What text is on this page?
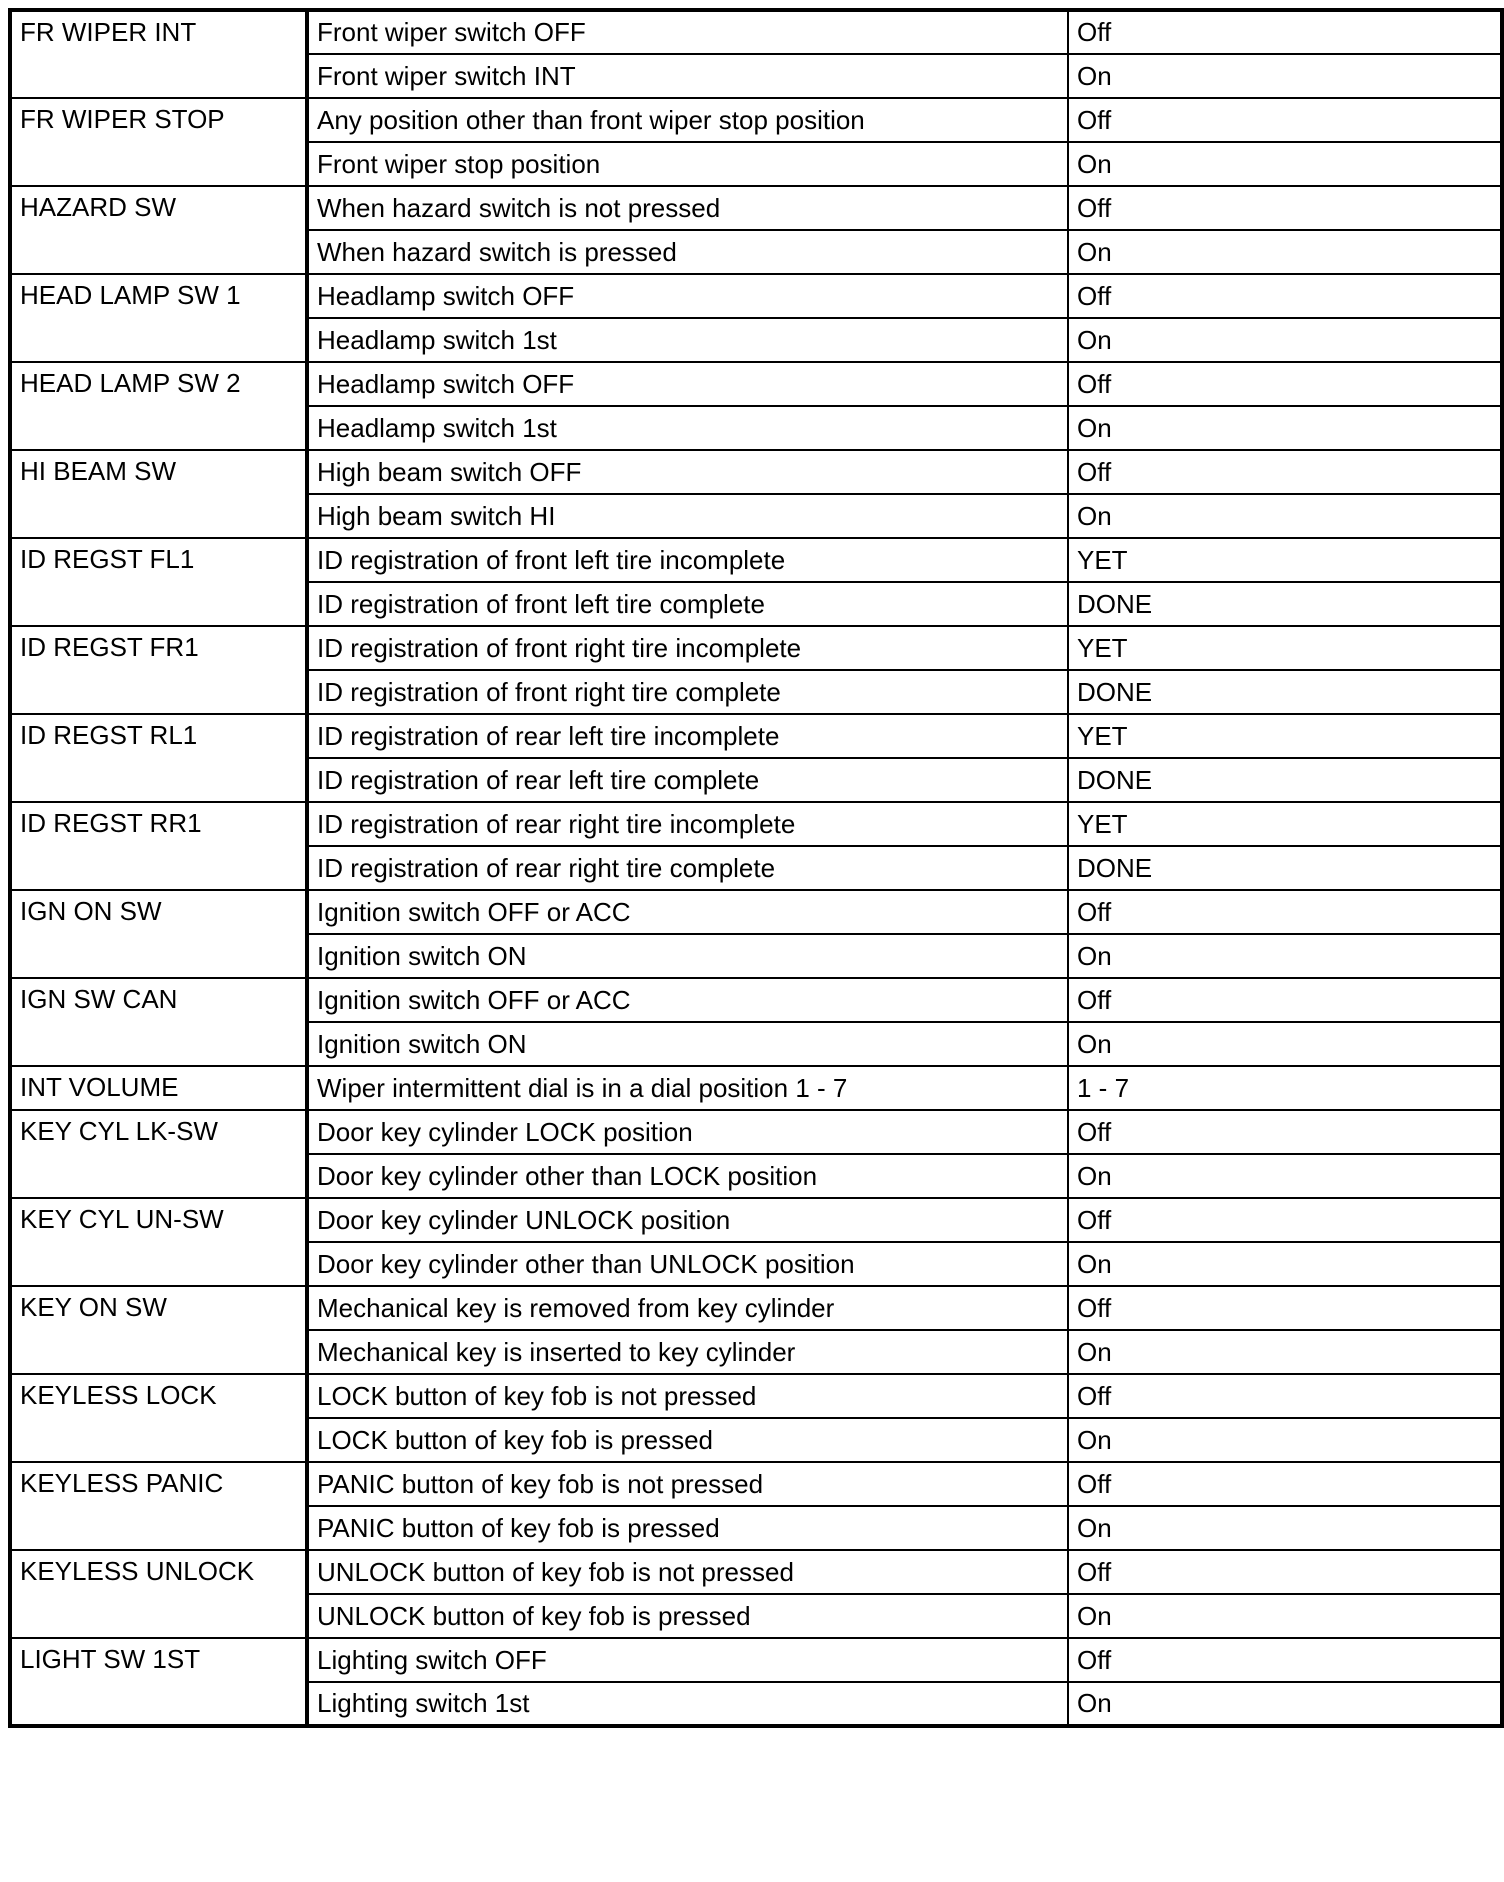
FR WIPER INT	Front wiper switch OFF	Off
	Front wiper switch INT	On
FR WIPER STOP	Any position other than front wiper stop position	Off
	Front wiper stop position	On
HAZARD SW	When hazard switch is not pressed	Off
	When hazard switch is pressed	On
HEAD LAMP SW 1	Headlamp switch OFF	Off
	Headlamp switch 1st	On
HEAD LAMP SW 2	Headlamp switch OFF	Off
	Headlamp switch 1st	On
HI BEAM SW	High beam switch OFF	Off
	High beam switch HI	On
ID REGST FL1	ID registration of front left tire incomplete	YET
	ID registration of front left tire complete	DONE
ID REGST FR1	ID registration of front right tire incomplete	YET
	ID registration of front right tire complete	DONE
ID REGST RL1	ID registration of rear left tire incomplete	YET
	ID registration of rear left tire complete	DONE
ID REGST RR1	ID registration of rear right tire incomplete	YET
	ID registration of rear right tire complete	DONE
IGN ON SW	Ignition switch OFF or ACC	Off
	Ignition switch ON	On
IGN SW CAN	Ignition switch OFF or ACC	Off
	Ignition switch ON	On
INT VOLUME	Wiper intermittent dial is in a dial position 1 - 7	1 - 7
KEY CYL LK-SW	Door key cylinder LOCK position	Off
	Door key cylinder other than LOCK position	On
KEY CYL UN-SW	Door key cylinder UNLOCK position	Off
	Door key cylinder other than UNLOCK position	On
KEY ON SW	Mechanical key is removed from key cylinder	Off
	Mechanical key is inserted to key cylinder	On
KEYLESS LOCK	LOCK button of key fob is not pressed	Off
	LOCK button of key fob is pressed	On
KEYLESS PANIC	PANIC button of key fob is not pressed	Off
	PANIC button of key fob is pressed	On
KEYLESS UNLOCK	UNLOCK button of key fob is not pressed	Off
	UNLOCK button of key fob is pressed	On
LIGHT SW 1ST	Lighting switch OFF	Off
	Lighting switch 1st	On
